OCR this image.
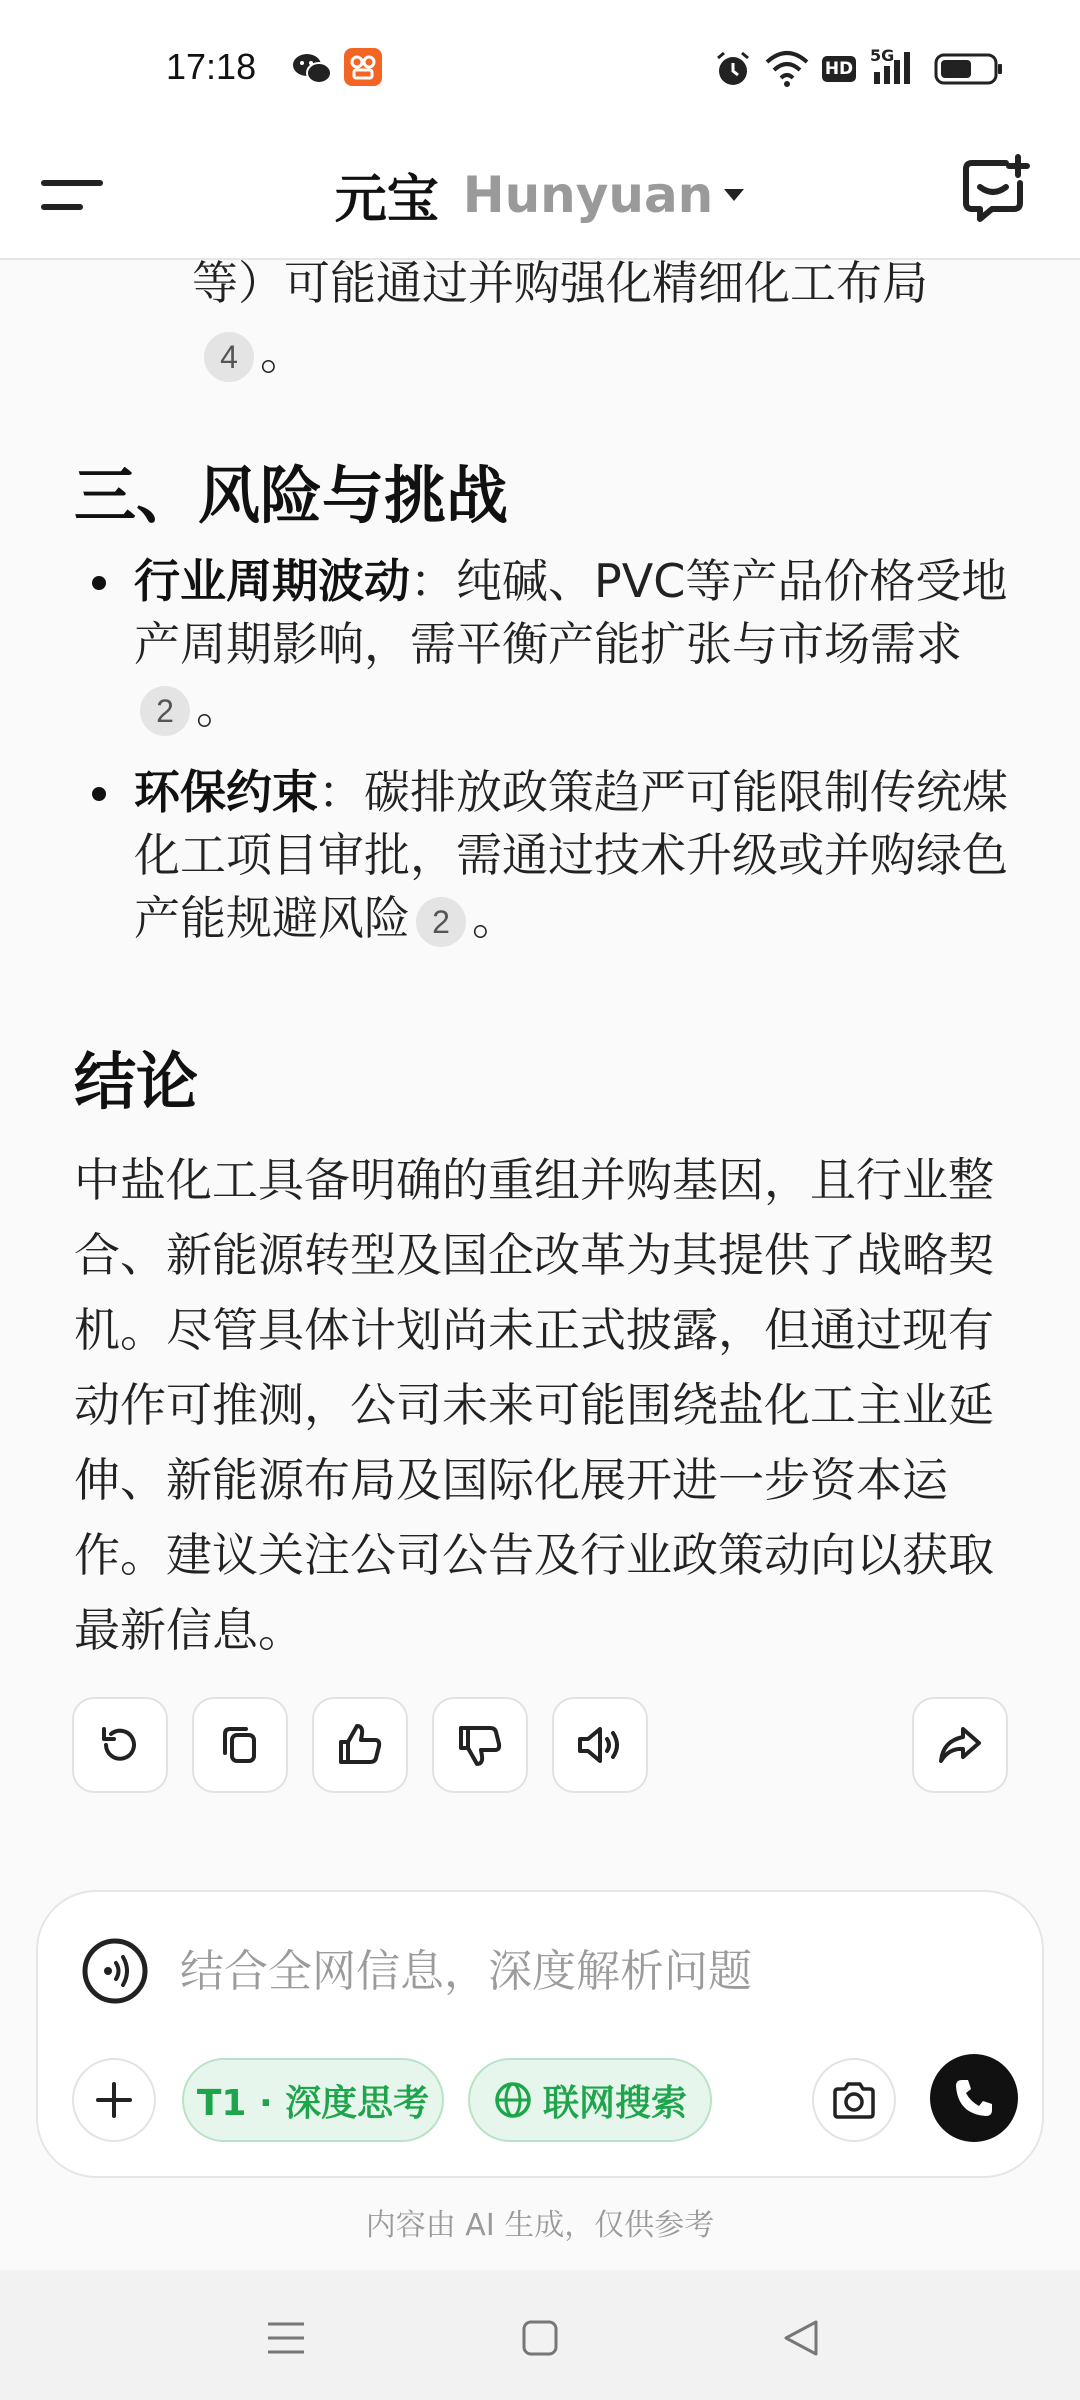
17:18	HD
5G
元宝 Hunyuan
等）可能通过并购强化精细化工布局
4 。
三、风险与挑战
行业周期波动：纯碱、PVC等产品价格受地产周期影响，需平衡产能扩张与市场需求2 。
环保约束：碳排放政策趋严可能限制传统煤化工项目审批，需通过技术升级或并购绿色产能规避风险 2 。
结论
中盐化工具备明确的重组并购基因，且行业整合、新能源转型及国企改革为其提供了战略契机。尽管具体计划尚未正式披露，但通过现有动作可推测，公司未来可能围绕盐化工主业延伸、新能源布局及国际化展开进一步资本运作。建议关注公司公告及行业政策动向以获取最新信息。
结合全网信息，深度解析问题
T1 · 深度思考	联网搜索
内容由 AI 生成，仅供参考
